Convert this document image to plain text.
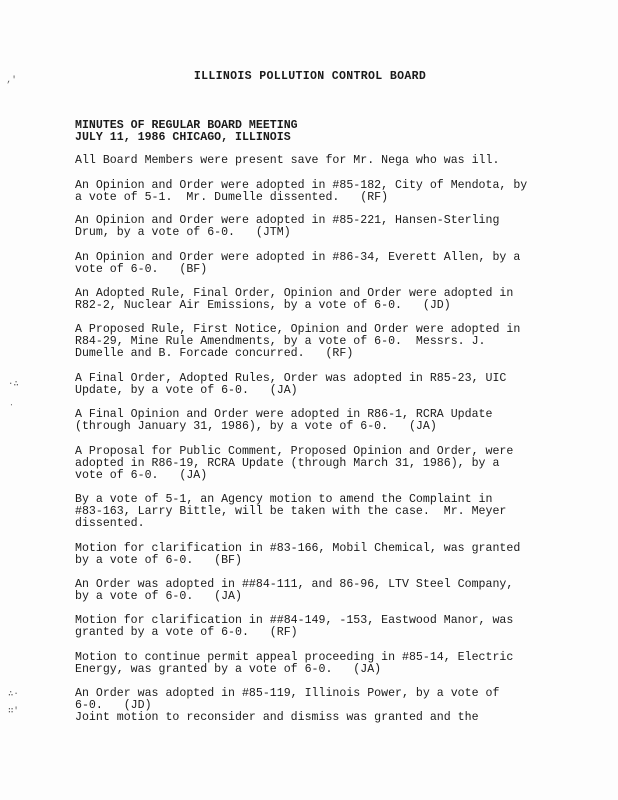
‚′
·∴
‧
∴·
∷′
ILLINOIS POLLUTION CONTROL BOARD
MINUTES OF REGULAR BOARD MEETING
JULY 11, 1986 CHICAGO, ILLINOIS

All Board Members were present save for Mr. Nega who was ill.

An Opinion and Order were adopted in #85-182, City of Mendota, by
a vote of 5-1.  Mr. Dumelle dissented.   (RF)

An Opinion and Order were adopted in #85-221, Hansen-Sterling
Drum, by a vote of 6-0.   (JTM)

An Opinion and Order were adopted in #86-34, Everett Allen, by a
vote of 6-0.   (BF)

An Adopted Rule, Final Order, Opinion and Order were adopted in
R82-2, Nuclear Air Emissions, by a vote of 6-0.   (JD)

A Proposed Rule, First Notice, Opinion and Order were adopted in
R84-29, Mine Rule Amendments, by a vote of 6-0.  Messrs. J.
Dumelle and B. Forcade concurred.   (RF)

A Final Order, Adopted Rules, Order was adopted in R85-23, UIC
Update, by a vote of 6-0.   (JA)

A Final Opinion and Order were adopted in R86-1, RCRA Update
(through January 31, 1986), by a vote of 6-0.   (JA)

A Proposal for Public Comment, Proposed Opinion and Order, were
adopted in R86-19, RCRA Update (through March 31, 1986), by a
vote of 6-0.   (JA)

By a vote of 5-1, an Agency motion to amend the Complaint in
#83-163, Larry Bittle, will be taken with the case.  Mr. Meyer
dissented.

Motion for clarification in #83-166, Mobil Chemical, was granted
by a vote of 6-0.   (BF)

An Order was adopted in ##84-111, and 86-96, LTV Steel Company,
by a vote of 6-0.   (JA)

Motion for clarification in ##84-149, -153, Eastwood Manor, was
granted by a vote of 6-0.   (RF)

Motion to continue permit appeal proceeding in #85-14, Electric
Energy, was granted by a vote of 6-0.   (JA)

An Order was adopted in #85-119, Illinois Power, by a vote of
6-0.   (JD)
Joint motion to reconsider and dismiss was granted and the
